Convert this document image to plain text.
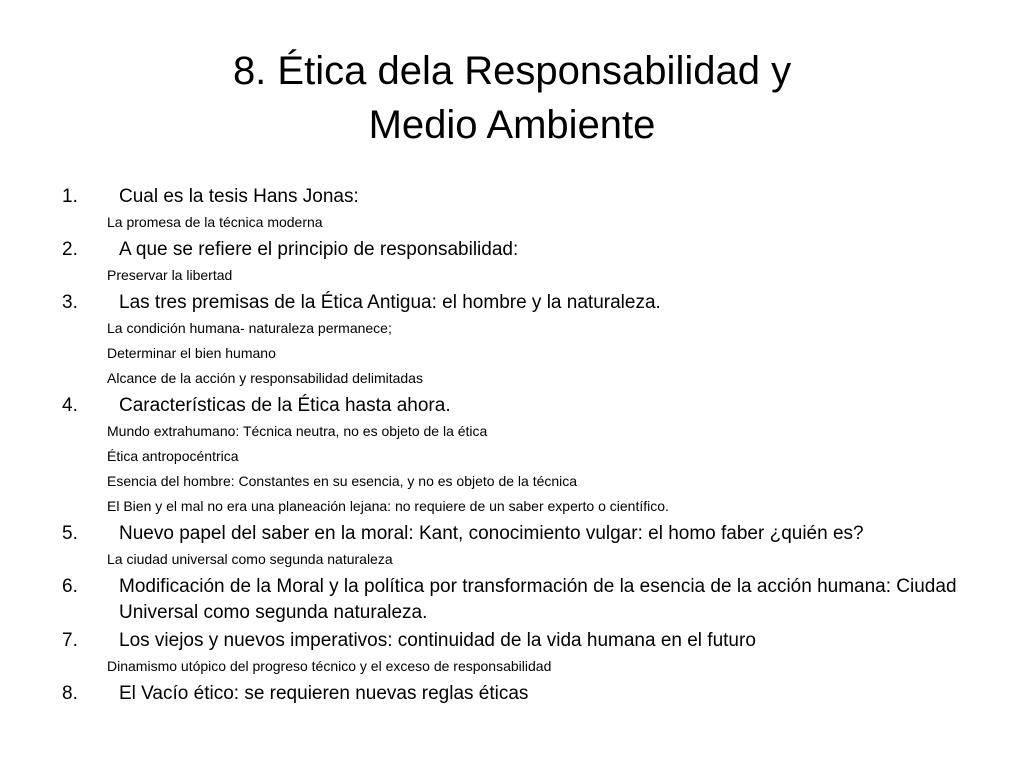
8. Ética dela Responsabilidad y
Medio Ambiente

1. Cual es la tesis Hans Jonas:

La promesa de la técnica moderna

2. A que se refiere el principio de responsabilidad:

Preservar la libertad

3. Las tres premisas de la Ética Antigua: el hombre y la naturaleza.

La condición humana- naturaleza permanece;

Determinar el bien humano

Alcance de la acción y responsabilidad delimitadas

4. Características de la Ética hasta ahora.

Mundo extrahumano: Técnica neutra, no es objeto de la ética

Ética antropocéntrica

Esencia del hombre: Constantes en su esencia, y no es objeto de la técnica

El Bien y el mal no era una planeación lejana: no requiere de un saber experto o científico.

5. Nuevo papel del saber en la moral: Kant, conocimiento vulgar: el homo faber ¿quién es?

La ciudad universal como segunda naturaleza

6. Modificación de la Moral y la política por transformación de la esencia de la acción humana: Ciudad Universal como segunda naturaleza.

7. Los viejos y nuevos imperativos: continuidad de la vida humana en el futuro

Dinamismo utópico del progreso técnico y el exceso de responsabilidad

8. El Vacío ético: se requieren nuevas reglas éticas
